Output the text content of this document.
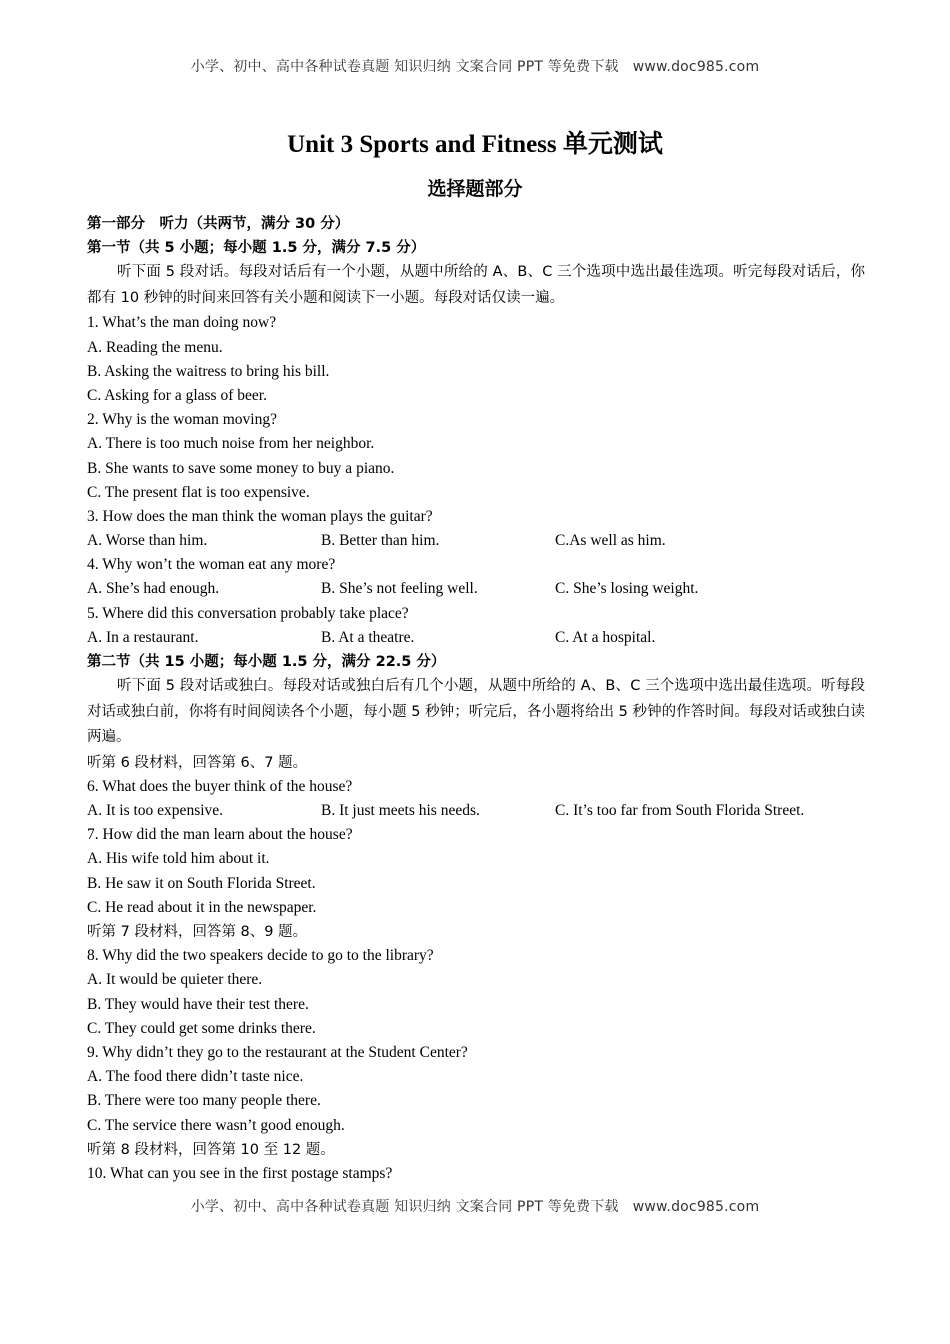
小学、初中、高中各种试卷真题 知识归纳 文案合同 PPT 等免费下载 www.doc985.com
Unit 3 Sports and Fitness 单元测试
选择题部分
第一部分　听力（共两节，满分 30 分）
第一节（共 5 小题；每小题 1.5 分，满分 7.5 分）
听下面 5 段对话。每段对话后有一个小题，从题中所给的 A、B、C 三个选项中选出最佳选项。听完每段对话后，你都有 10 秒钟的时间来回答有关小题和阅读下一小题。每段对话仅读一遍。
1. What’s the man doing now?
A. Reading the menu.
B. Asking the waitress to bring his bill.
C. Asking for a glass of beer.
2. Why is the woman moving?
A. There is too much noise from her neighbor.
B. She wants to save some money to buy a piano.
C. The present flat is too expensive.
3. How does the man think the woman plays the guitar?
A. Worse than him.	B. Better than him.	C.As well as him.
4. Why won’t the woman eat any more?
A. She’s had enough.	B. She’s not feeling well.	C. She’s losing weight.
5. Where did this conversation probably take place?
A. In a restaurant.	B. At a theatre.	C. At a hospital.
第二节（共 15 小题；每小题 1.5 分，满分 22.5 分）
听下面 5 段对话或独白。每段对话或独白后有几个小题，从题中所给的 A、B、C 三个选项中选出最佳选项。听每段对话或独白前，你将有时间阅读各个小题，每小题 5 秒钟；听完后，各小题将给出 5 秒钟的作答时间。每段对话或独白读两遍。
听第 6 段材料，回答第 6、7 题。
6. What does the buyer think of the house?
A. It is too expensive.	B. It just meets his needs.	C. It’s too far from South Florida Street.
7. How did the man learn about the house?
A. His wife told him about it.
B. He saw it on South Florida Street.
C. He read about it in the newspaper.
听第 7 段材料，回答第 8、9 题。
8. Why did the two speakers decide to go to the library?
A. It would be quieter there.
B. They would have their test there.
C. They could get some drinks there.
9. Why didn’t they go to the restaurant at the Student Center?
A. The food there didn’t taste nice.
B. There were too many people there.
C. The service there wasn’t good enough.
听第 8 段材料，回答第 10 至 12 题。
10. What can you see in the first postage stamps?
小学、初中、高中各种试卷真题 知识归纳 文案合同 PPT 等免费下载 www.doc985.com
